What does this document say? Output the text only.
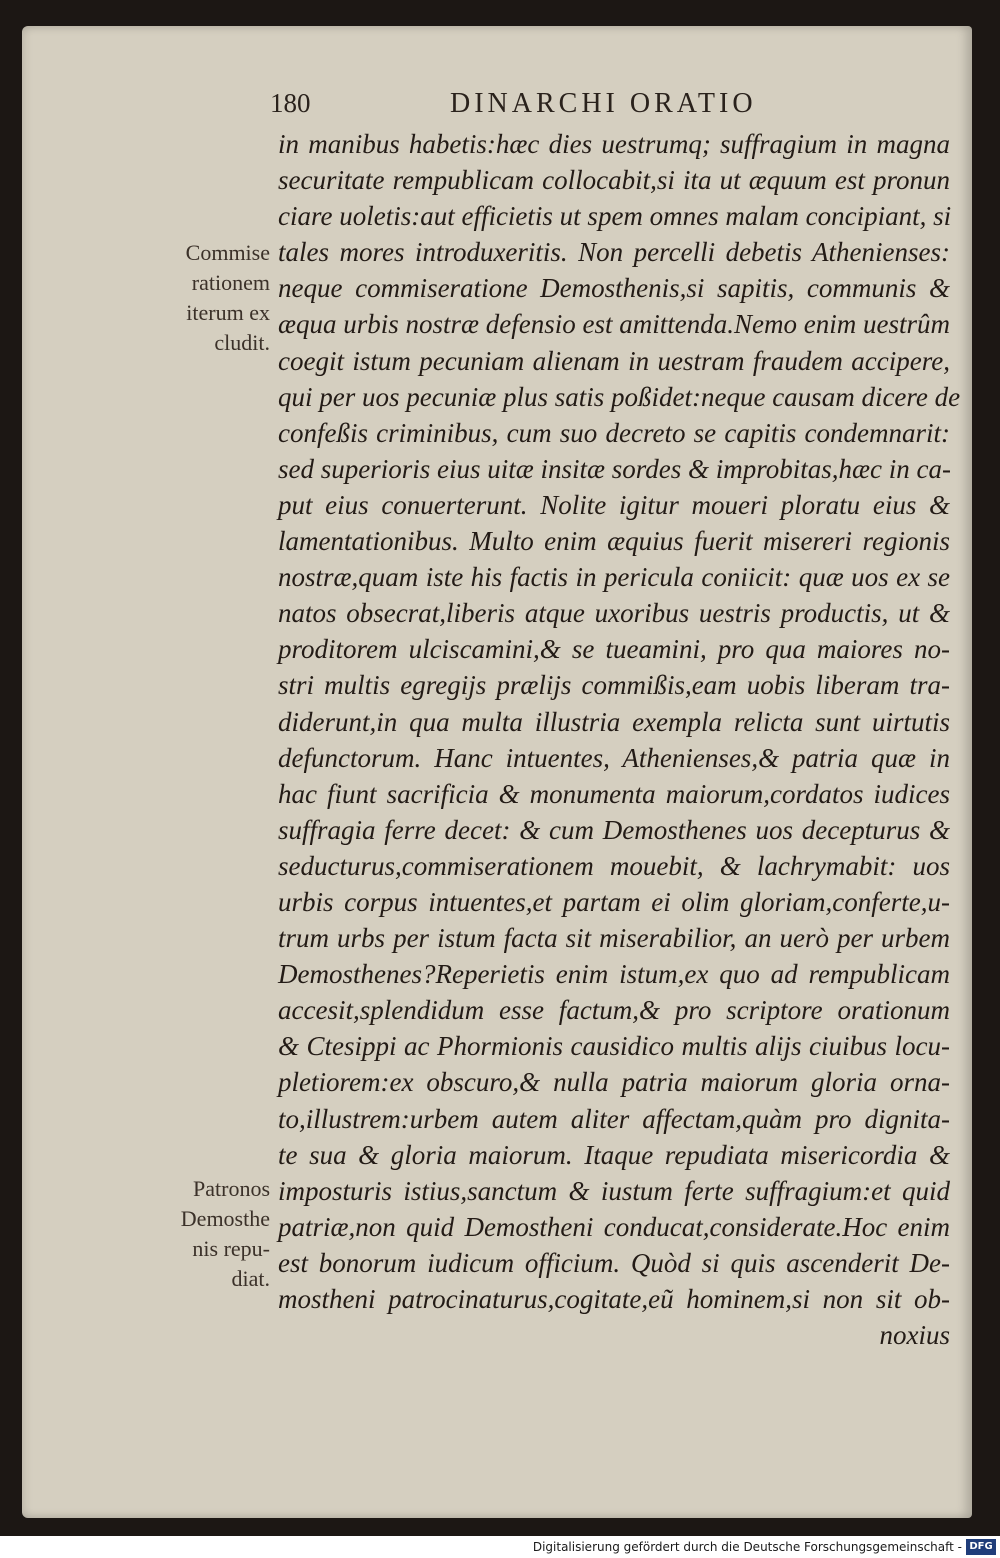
180	DINARCHI ORATIO
Commise
rationem
iterum ex
cludit.
Patronos
Demosthe
nis repu-
diat.
in manibus habetis:hæc dies uestrumq; suffragium in magna
securitate rempublicam collocabit,si ita ut æquum est pronun
ciare uoletis:aut efficietis ut spem omnes malam concipiant, si
tales mores introduxeritis. Non percelli debetis Athenienses:
neque commiseratione Demosthenis,si sapitis, communis &
æqua urbis nostræ defensio est amittenda.Nemo enim uestrûm
coegit istum pecuniam alienam in uestram fraudem accipere,
qui per uos pecuniæ plus satis poßidet:neque causam dicere de
confeßis criminibus, cum suo decreto se capitis condemnarit:
sed superioris eius uitæ insitæ sordes & improbitas,hæc in ca-
put eius conuerterunt. Nolite igitur moueri ploratu eius &
lamentationibus. Multo enim æquius fuerit misereri regionis
nostræ,quam iste his factis in pericula coniicit: quæ uos ex se
natos obsecrat,liberis atque uxoribus uestris productis, ut &
proditorem ulciscamini,& se tueamini, pro qua maiores no-
stri multis egregijs prælijs commißis,eam uobis liberam tra-
diderunt,in qua multa illustria exempla relicta sunt uirtutis
defunctorum. Hanc intuentes, Athenienses,& patria quæ in
hac fiunt sacrificia & monumenta maiorum,cordatos iudices
suffragia ferre decet: & cum Demosthenes uos decepturus &
seducturus,commiserationem mouebit, & lachrymabit: uos
urbis corpus intuentes,et partam ei olim gloriam,conferte,u-
trum urbs per istum facta sit miserabilior, an uerò per urbem
Demosthenes?Reperietis enim istum,ex quo ad rempublicam
accesit,splendidum esse factum,& pro scriptore orationum
& Ctesippi ac Phormionis causidico multis alijs ciuibus locu-
pletiorem:ex obscuro,& nulla patria maiorum gloria orna-
to,illustrem:urbem autem aliter affectam,quàm pro dignita-
te sua & gloria maiorum. Itaque repudiata misericordia &
imposturis istius,sanctum & iustum ferte suffragium:et quid
patriæ,non quid Demostheni conducat,considerate.Hoc enim
est bonorum iudicum officium. Quòd si quis ascenderit De-
mostheni patrocinaturus,cogitate,eũ hominem,si non sit ob-
noxius
Digitalisierung gefördert durch die Deutsche Forschungsgemeinschaft - DFG
